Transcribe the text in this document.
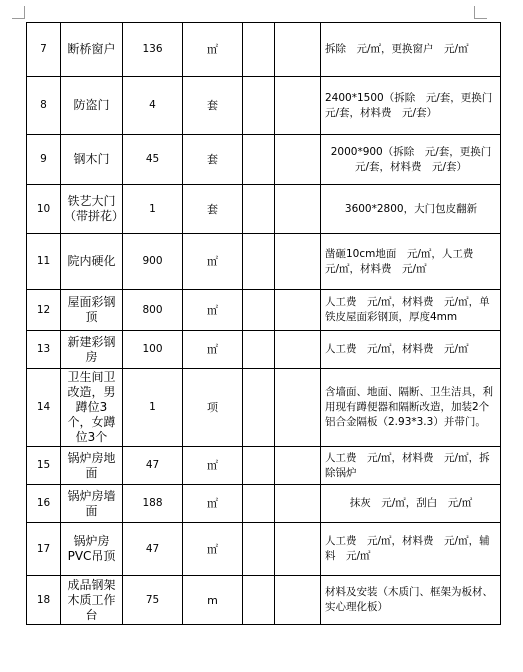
7	断桥窗户	136	㎡			拆除　元/㎡，更换窗户　元/㎡
8	防盗门	4	套			2400*1500（拆除　元/套，更换门　元/套，材料费　元/套）
9	钢木门	45	套			2000*900（拆除　元/套，更换门　元/套，材料费　元/套）
10	铁艺大门（带拼花）	1	套			3600*2800，大门包皮翻新
11	院内硬化	900	㎡			凿砸10cm地面　元/㎡，人工费　元/㎡，材料费　元/㎡
12	屋面彩钢顶	800	㎡			人工费　元/㎡，材料费　元/㎡，单铁皮屋面彩钢顶，厚度4mm
13	新建彩钢房	100	㎡			人工费　元/㎡，材料费　元/㎡
14	卫生间卫改造，男蹲位3个，女蹲位3个	1	项			含墙面、地面、隔断、卫生洁具，利用现有蹲便器和隔断改造，加装2个铝合金隔板（2.93*3.3）并带门。
15	锅炉房地面	47	㎡			人工费　元/㎡，材料费　元/㎡，拆除锅炉
16	锅炉房墙面	188	㎡			抹灰　元/㎡，刮白　元/㎡
17	锅炉房PVC吊顶	47	㎡			人工费　元/㎡，材料费　元/㎡，辅料　元/㎡
18	成品钢架木质工作台	75	m			材料及安装（木质门、框架为板材、实心理化板）
